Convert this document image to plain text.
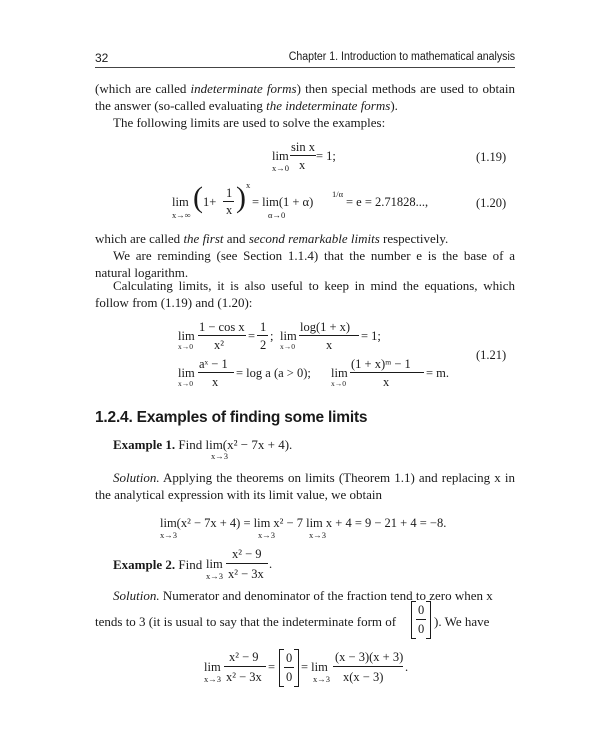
32	Chapter 1. Introduction to mathematical analysis
(which are called indeterminate forms) then special methods are used to obtain the answer (so-called evaluating the indeterminate forms).
The following limits are used to solve the examples:
lim
x→0
sin x
x
= 1;	(1.19)
lim
x→∞
( 1+
1
x ) x
= lim(1 + α)
1/α
α→0
= e = 2.71828...,	(1.20)
which are called the first and second remarkable limits respectively.
We are reminding (see Section 1.1.4) that the number e is the base of a natural logarithm.
Calculating limits, it is also useful to keep in mind the equations, which follow from (1.19) and (1.20):
lim
x→0
1 − cos x
x²
=
1
2
; lim
x→0
log(1 + x)
x
= 1;
lim
x→0
aˣ − 1
x
= log a (a > 0); lim
x→0
(1 + x)ᵐ − 1
x
= m.
(1.21)
1.2.4. Examples of finding some limits
Example 1. Find lim(x² − 7x + 4).
x→3
Solution. Applying the theorems on limits (Theorem 1.1) and replacing x in the analytical expression with its limit value, we obtain
lim(x² − 7x + 4) = lim x² − 7 lim x + 4 = 9 − 21 + 4 = −8.
x→3	x→3	x→3
Example 2. Find lim
x→3
x² − 9
x² − 3x
.
Solution. Numerator and denominator of the fraction tend to zero when x
tends to 3 (it is usual to say that the indeterminate form of
0
0 ). We have
lim
x→3
x² − 9
x² − 3x
=
0
0
= lim
x→3
(x − 3)(x + 3)
x(x − 3)
.
